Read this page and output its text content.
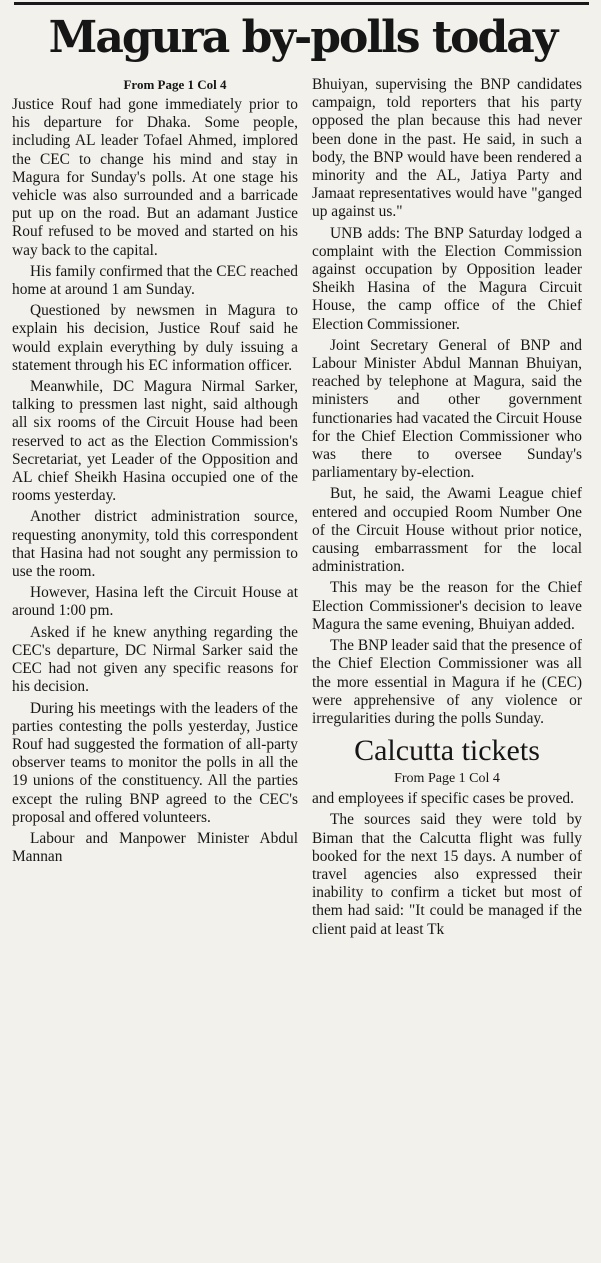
Magura by-polls today
From Page 1 Col 4

Justice Rouf had gone immediately prior to his departure for Dhaka. Some people, including AL leader Tofael Ahmed, implored the CEC to change his mind and stay in Magura for Sunday's polls. At one stage his vehicle was also surrounded and a barricade put up on the road. But an adamant Justice Rouf refused to be moved and started on his way back to the capital.

His family confirmed that the CEC reached home at around 1 am Sunday.

Questioned by newsmen in Magura to explain his decision, Justice Rouf said he would explain everything by duly issuing a statement through his EC information officer.

Meanwhile, DC Magura Nirmal Sarker, talking to pressmen last night, said although all six rooms of the Circuit House had been reserved to act as the Election Commission's Secretariat, yet Leader of the Opposition and AL chief Sheikh Hasina occupied one of the rooms yesterday.

Another district administration source, requesting anonymity, told this correspondent that Hasina had not sought any permission to use the room.

However, Hasina left the Circuit House at around 1:00 pm.

Asked if he knew anything regarding the CEC's departure, DC Nirmal Sarker said the CEC had not given any specific reasons for his decision.

During his meetings with the leaders of the parties contesting the polls yesterday, Justice Rouf had suggested the formation of all-party observer teams to monitor the polls in all the 19 unions of the constituency. All the parties except the ruling BNP agreed to the CEC's proposal and offered volunteers.

Labour and Manpower Minister Abdul Mannan

Bhuiyan, supervising the BNP candidates campaign, told reporters that his party opposed the plan because this had never been done in the past. He said, in such a body, the BNP would have been rendered a minority and the AL, Jatiya Party and Jamaat representatives would have "ganged up against us."

UNB adds: The BNP Saturday lodged a complaint with the Election Commission against occupation by Opposition leader Sheikh Hasina of the Magura Circuit House, the camp office of the Chief Election Commissioner.

Joint Secretary General of BNP and Labour Minister Abdul Mannan Bhuiyan, reached by telephone at Magura, said the ministers and other government functionaries had vacated the Circuit House for the Chief Election Commissioner who was there to oversee Sunday's parliamentary by-election.

But, he said, the Awami League chief entered and occupied Room Number One of the Circuit House without prior notice, causing embarrassment for the local administration.

This may be the reason for the Chief Election Commissioner's decision to leave Magura the same evening, Bhuiyan added.

The BNP leader said that the presence of the Chief Election Commissioner was all the more essential in Magura if he (CEC) were apprehensive of any violence or irregularities during the polls Sunday.

Calcutta tickets
From Page 1 Col 4

and employees if specific cases be proved.

The sources said they were told by Biman that the Calcutta flight was fully booked for the next 15 days. A number of travel agencies also expressed their inability to confirm a ticket but most of them had said: "It could be managed if the client paid at least Tk
